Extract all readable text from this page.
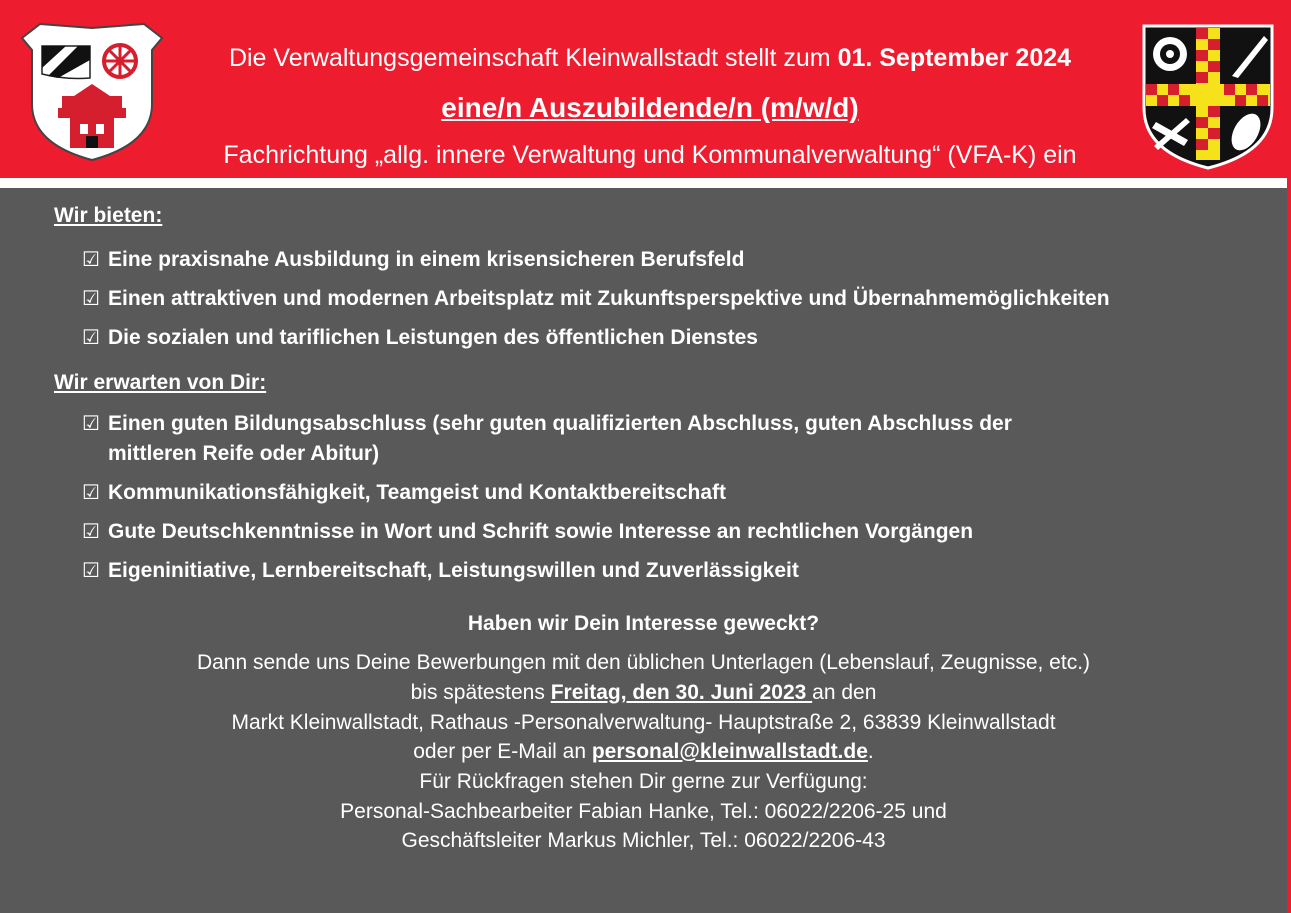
Die Verwaltungsgemeinschaft Kleinwallstadt stellt zum 01. September 2024
eine/n Auszubildende/n (m/w/d)
Fachrichtung „allg. innere Verwaltung und Kommunalverwaltung“ (VFA-K) ein
Wir bieten:
☑ Eine praxisnahe Ausbildung in einem krisensicheren Berufsfeld
☑ Einen attraktiven und modernen Arbeitsplatz mit Zukunftsperspektive und Übernahmemöglichkeiten
☑ Die sozialen und tariflichen Leistungen des öffentlichen Dienstes
Wir erwarten von Dir:
☑ Einen guten Bildungsabschluss (sehr guten qualifizierten Abschluss, guten Abschluss der
mittleren Reife oder Abitur)
☑ Kommunikationsfähigkeit, Teamgeist und Kontaktbereitschaft
☑ Gute Deutschkenntnisse in Wort und Schrift sowie Interesse an rechtlichen Vorgängen
☑ Eigeninitiative, Lernbereitschaft, Leistungswillen und Zuverlässigkeit
Haben wir Dein Interesse geweckt?
Dann sende uns Deine Bewerbungen mit den üblichen Unterlagen (Lebenslauf, Zeugnisse, etc.)
bis spätestens Freitag, den 30. Juni 2023 an den
Markt Kleinwallstadt, Rathaus -Personalverwaltung- Hauptstraße 2, 63839 Kleinwallstadt
oder per E-Mail an personal@kleinwallstadt.de.
Für Rückfragen stehen Dir gerne zur Verfügung:
Personal-Sachbearbeiter Fabian Hanke, Tel.: 06022/2206-25 und
Geschäftsleiter Markus Michler, Tel.: 06022/2206-43
